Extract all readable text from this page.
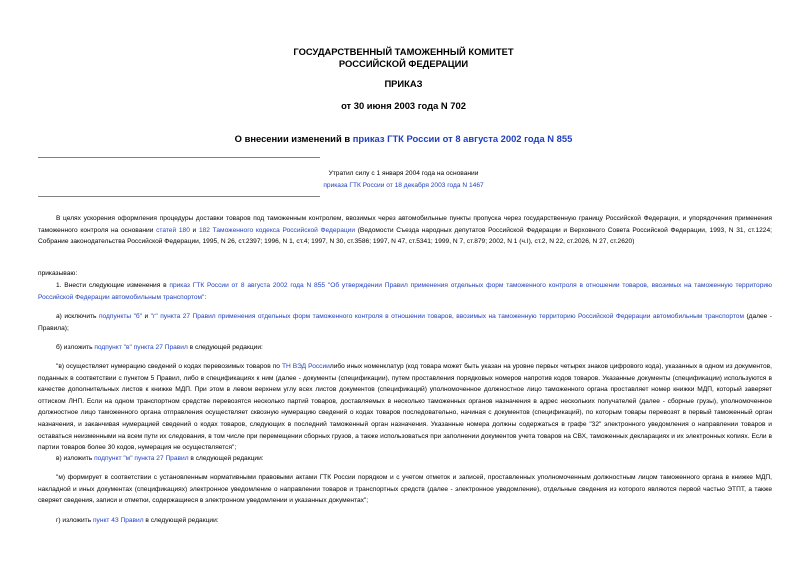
ГОСУДАРСТВЕННЫЙ ТАМОЖЕННЫЙ КОМИТЕТ
РОССИЙСКОЙ ФЕДЕРАЦИИ
ПРИКАЗ
от 30 июня 2003 года N 702
О внесении изменений в приказ ГТК России от 8 августа 2002 года N 855
Утратил силу с 1 января 2004 года на основании
приказа ГТК России от 18 декабря 2003 года N 1467
В целях ускорения оформления процедуры доставки товаров под таможенным контролем, ввозимых через автомобильные пункты пропуска через государственную границу Российской Федерации, и упорядочения применения таможенного контроля на основании статей 180 и 182 Таможенного кодекса Российской Федерации (Ведомости Съезда народных депутатов Российской Федерации и Верховного Совета Российской Федерации, 1993, N 31, ст.1224; Собрание законодательства Российской Федерации, 1995, N 26, ст.2397; 1996, N 1, ст.4; 1997, N 30, ст.3586; 1997, N 47, ст.5341; 1999, N 7, ст.879; 2002, N 1 (ч.I), ст.2, N 22, ст.2026, N 27, ст.2620)
приказываю:
1. Внести следующие изменения в приказ ГТК России от 8 августа 2002 года N 855 "Об утверждении Правил применения отдельных форм таможенного контроля в отношении товаров, ввозимых на таможенную территорию Российской Федерации автомобильным транспортом":
а) исключить подпункты "б" и "г" пункта 27 Правил применения отдельных форм таможенного контроля в отношении товаров, ввозимых на таможенную территорию Российской Федерации автомобильным транспортом (далее - Правила);
б) изложить подпункт "в" пункта 27 Правил в следующей редакции:
"в) осуществляет нумерацию сведений о кодах перевозимых товаров по ТН ВЭД Россиилибо иных номенклатур (код товара может быть указан на уровне первых четырех знаков цифрового кода), указанных в одном из документов, поданных в соответствии с пунктом 5 Правил, либо в спецификациях к ним (далее - документы (спецификации), путем проставления порядковых номеров напротив кодов товаров. Указанные документы (спецификации) используются в качестве дополнительных листов к книжке МДП. При этом в левом верхнем углу всех листов документов (спецификаций) уполномоченное должностное лицо таможенного органа проставляет номер книжки МДП, который заверяет оттиском ЛНП. Если на одном транспортном средстве перевозятся несколько партий товаров, доставляемых в несколько таможенных органов назначения в адрес нескольких получателей (далее - сборные грузы), уполномоченное должностное лицо таможенного органа отправления осуществляет сквозную нумерацию сведений о кодах товаров последовательно, начиная с документов (спецификаций), по которым товары перевозят в первый таможенный орган назначения, и заканчивая нумерацией сведений о кодах товаров, следующих в последний таможенный орган назначения. Указанные номера должны содержаться в графе "32" электронного уведомления о направлении товаров и оставаться неизменными на всем пути их следования, в том числе при перемещении сборных грузов, а также использоваться при заполнении документов учета товаров на СВХ, таможенных декларациях и их электронных копиях. Если в партии товаров более 30 кодов, нумерация не осуществляется";
в) изложить подпункт "м" пункта 27 Правил в следующей редакции:
"м) формирует в соответствии с установленным нормативными правовыми актами ГТК России порядком и с учетом отметок и записей, проставленных уполномоченным должностным лицом таможенного органа в книжке МДП, накладной и иных документах (спецификациях) электронное уведомление о направлении товаров и транспортных средств (далее - электронное уведомление), отдельные сведения из которого являются первой частью ЭТПТ, а также сверяет сведения, записи и отметки, содержащиеся в электронном уведомлении и указанных документах";
г) изложить пункт 43 Правил в следующей редакции:
